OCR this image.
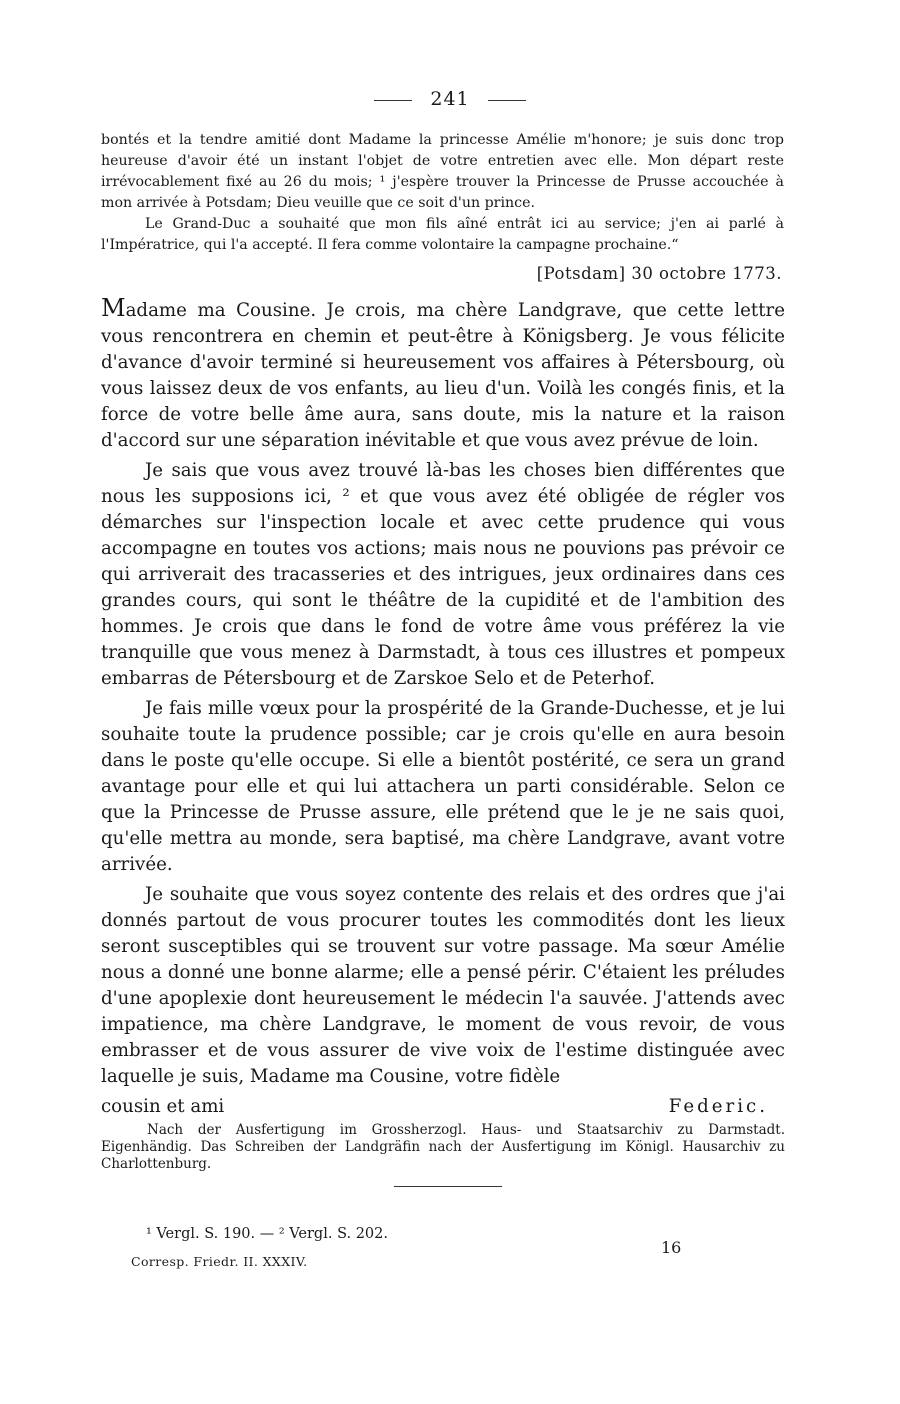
241

bontés et la tendre amitié dont Madame la princesse Amélie m'honore; je suis donc trop heureuse d'avoir été un instant l'objet de votre entretien avec elle. Mon départ reste irrévocablement fixé au 26 du mois; ¹ j'espère trouver la Princesse de Prusse accouchée à mon arrivée à Potsdam; Dieu veuille que ce soit d'un prince.

Le Grand-Duc a souhaité que mon fils aîné entrât ici au service; j'en ai parlé à l'Impératrice, qui l'a accepté. Il fera comme volontaire la campagne prochaine.“

[Potsdam] 30 octobre 1773.

Madame ma Cousine. Je crois, ma chère Landgrave, que cette lettre vous rencontrera en chemin et peut-être à Königsberg. Je vous félicite d'avance d'avoir terminé si heureusement vos affaires à Pétersbourg, où vous laissez deux de vos enfants, au lieu d'un. Voilà les congés finis, et la force de votre belle âme aura, sans doute, mis la nature et la raison d'accord sur une séparation inévitable et que vous avez prévue de loin.

Je sais que vous avez trouvé là-bas les choses bien différentes que nous les supposions ici, ² et que vous avez été obligée de régler vos démarches sur l'inspection locale et avec cette prudence qui vous accompagne en toutes vos actions; mais nous ne pouvions pas prévoir ce qui arriverait des tracasseries et des intrigues, jeux ordinaires dans ces grandes cours, qui sont le théâtre de la cupidité et de l'ambition des hommes. Je crois que dans le fond de votre âme vous préférez la vie tranquille que vous menez à Darmstadt, à tous ces illustres et pompeux embarras de Pétersbourg et de Zarskoe Selo et de Peterhof.

Je fais mille vœux pour la prospérité de la Grande-Duchesse, et je lui souhaite toute la prudence possible; car je crois qu'elle en aura besoin dans le poste qu'elle occupe. Si elle a bientôt postérité, ce sera un grand avantage pour elle et qui lui attachera un parti considérable. Selon ce que la Princesse de Prusse assure, elle prétend que le je ne sais quoi, qu'elle mettra au monde, sera baptisé, ma chère Landgrave, avant votre arrivée.

Je souhaite que vous soyez contente des relais et des ordres que j'ai donnés partout de vous procurer toutes les commodités dont les lieux seront susceptibles qui se trouvent sur votre passage. Ma sœur Amélie nous a donné une bonne alarme; elle a pensé périr. C'étaient les préludes d'une apoplexie dont heureusement le médecin l'a sauvée. J'attends avec impatience, ma chère Landgrave, le moment de vous revoir, de vous embrasser et de vous assurer de vive voix de l'estime distinguée avec laquelle je suis, Madame ma Cousine, votre fidèle

cousin et ami	Federic.

Nach der Ausfertigung im Grossherzogl. Haus- und Staatsarchiv zu Darmstadt. Eigenhändig. Das Schreiben der Landgräfin nach der Ausfertigung im Königl. Hausarchiv zu Charlottenburg.

¹ Vergl. S. 190. — ² Vergl. S. 202.
16
Corresp. Friedr. II. XXXIV.
